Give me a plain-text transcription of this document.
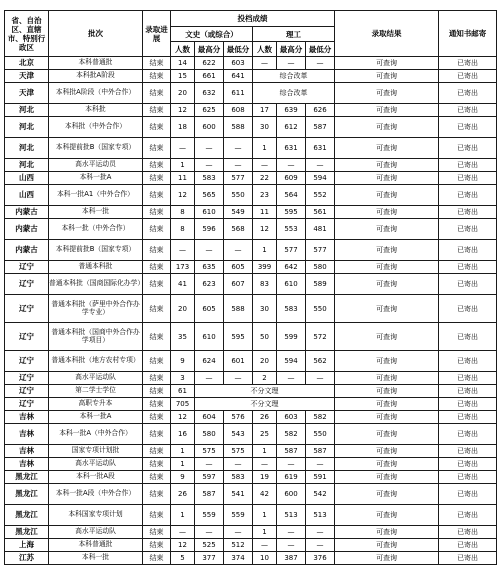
省、自治区、直辖市、特别行政区	批次	录取进展	投档成绩						录取结果	通知书邮寄
			文史（或综合）			理工				
			人数	最高分	最低分	人数	最高分	最低分		
北京	本科普通批	结束	14	622	603	—	—	—	可查询	已寄出
天津	本科批A阶段	结束	15	661	641	综合改革			可查询	已寄出
天津	本科批A阶段（中外合作）	结束	20	632	611	综合改革			可查询	已寄出
河北	本科批	结束	12	625	608	17	639	626	可查询	已寄出
河北	本科批（中外合作）	结束	18	600	588	30	612	587	可查询	已寄出
河北	本科提前批B（国家专项）	结束	—	—	—	1	631	631	可查询	已寄出
河北	高水平运动员	结束	1	—	—	—	—	—	可查询	已寄出
山西	本科一批A	结束	11	583	577	22	609	594	可查询	已寄出
山西	本科一批A1（中外合作）	结束	12	565	550	23	564	552	可查询	已寄出
内蒙古	本科一批	结束	8	610	549	11	595	561	可查询	已寄出
内蒙古	本科一批（中外合作）	结束	8	596	568	12	553	481	可查询	已寄出
内蒙古	本科提前批B（国家专项）	结束	—	—	—	1	577	577	可查询	已寄出
辽宁	普通本科批	结束	173	635	605	399	642	580	可查询	已寄出
辽宁	普通本科批（国商国际化办学）	结束	41	623	607	83	610	589	可查询	已寄出
辽宁	普通本科批（萨里中外合作办学专业）	结束	20	605	588	30	583	550	可查询	已寄出
辽宁	普通本科批（国商中外合作办学项目）	结束	35	610	595	50	599	572	可查询	已寄出
辽宁	普通本科批（地方农村专项）	结束	9	624	601	20	594	562	可查询	已寄出
辽宁	高水平运动队	结束	3	—	—	2	—	—	可查询	已寄出
辽宁	第二学士学位	结束	61	不分文理					可查询	已寄出
辽宁	高职专升本	结束	705	不分文理					可查询	已寄出
吉林	本科一批A	结束	12	604	576	26	603	582	可查询	已寄出
吉林	本科一批A（中外合作）	结束	16	580	543	25	582	550	可查询	已寄出
吉林	国家专项计划批	结束	1	575	575	1	587	587	可查询	已寄出
吉林	高水平运动队	结束	1	—	—	—	—	—	可查询	已寄出
黑龙江	本科一批A段	结束	9	597	583	19	619	591	可查询	已寄出
黑龙江	本科一批A段（中外合作）	结束	26	587	541	42	600	542	可查询	已寄出
黑龙江	本科国家专项计划	结束	1	559	559	1	513	513	可查询	已寄出
黑龙江	高水平运动队	结束	—	—	—	1	—	—	可查询	已寄出
上海	本科普通批	结束	12	525	512	—	—	—	可查询	已寄出
江苏	本科一批	结束	5	377	374	10	387	376	可查询	已寄出
